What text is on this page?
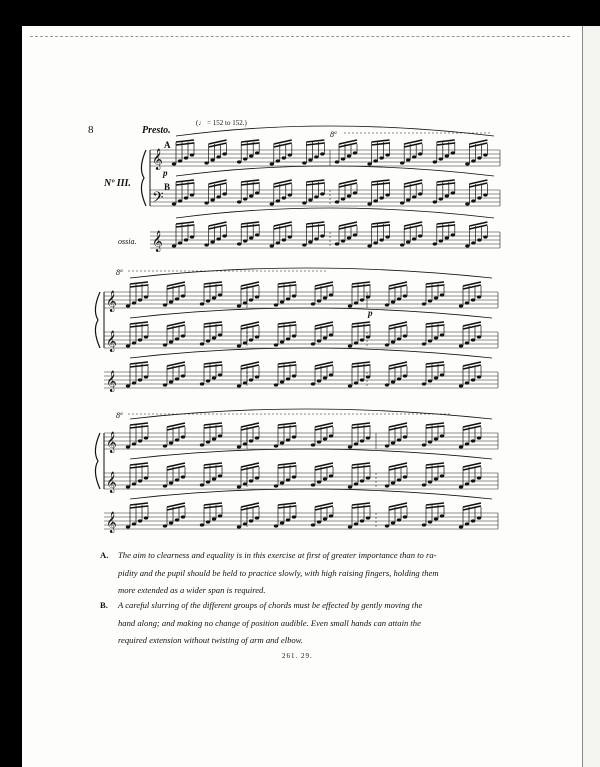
8	Presto.
(♩ = 152 to 152.)
A
B
Nº III.
ossia.
p
p
8ª
8ª
8ª
𝄞
𝄢
𝄞
𝄞
𝄞
𝄞
𝄞
𝄞
𝄞
A. The aim to clearness and equality is in this exercise at first of greater importance than to ra-
pidity and the pupil should be held to practice slowly, with high raising fingers, holding them
more extended as a wider span is required.
B. A careful slurring of the different groups of chords must be effected by gently moving the
hand along; and making no change of position audible. Even small hands can attain the
required extension without twisting of arm and elbow.
261. 29.
